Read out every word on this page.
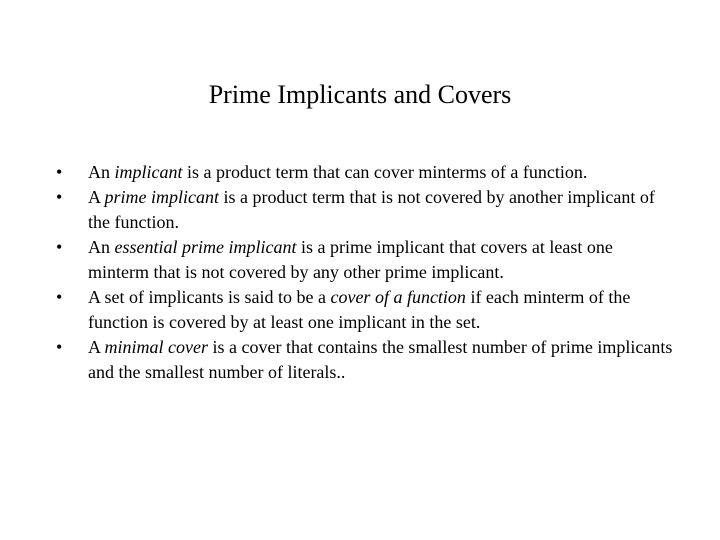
Prime Implicants and Covers
•	An implicant is a product term that can cover minterms of a function.
•	A prime implicant is a product term that is not covered by another implicant of the function.
•	An essential prime implicant is a prime implicant that covers at least one minterm that is not covered by any other prime implicant.
•	A set of implicants is said to be a cover of a function if each minterm of the function is covered by at least one implicant in the set.
•	A minimal cover is a cover that contains the smallest number of prime implicants and the smallest number of literals..
